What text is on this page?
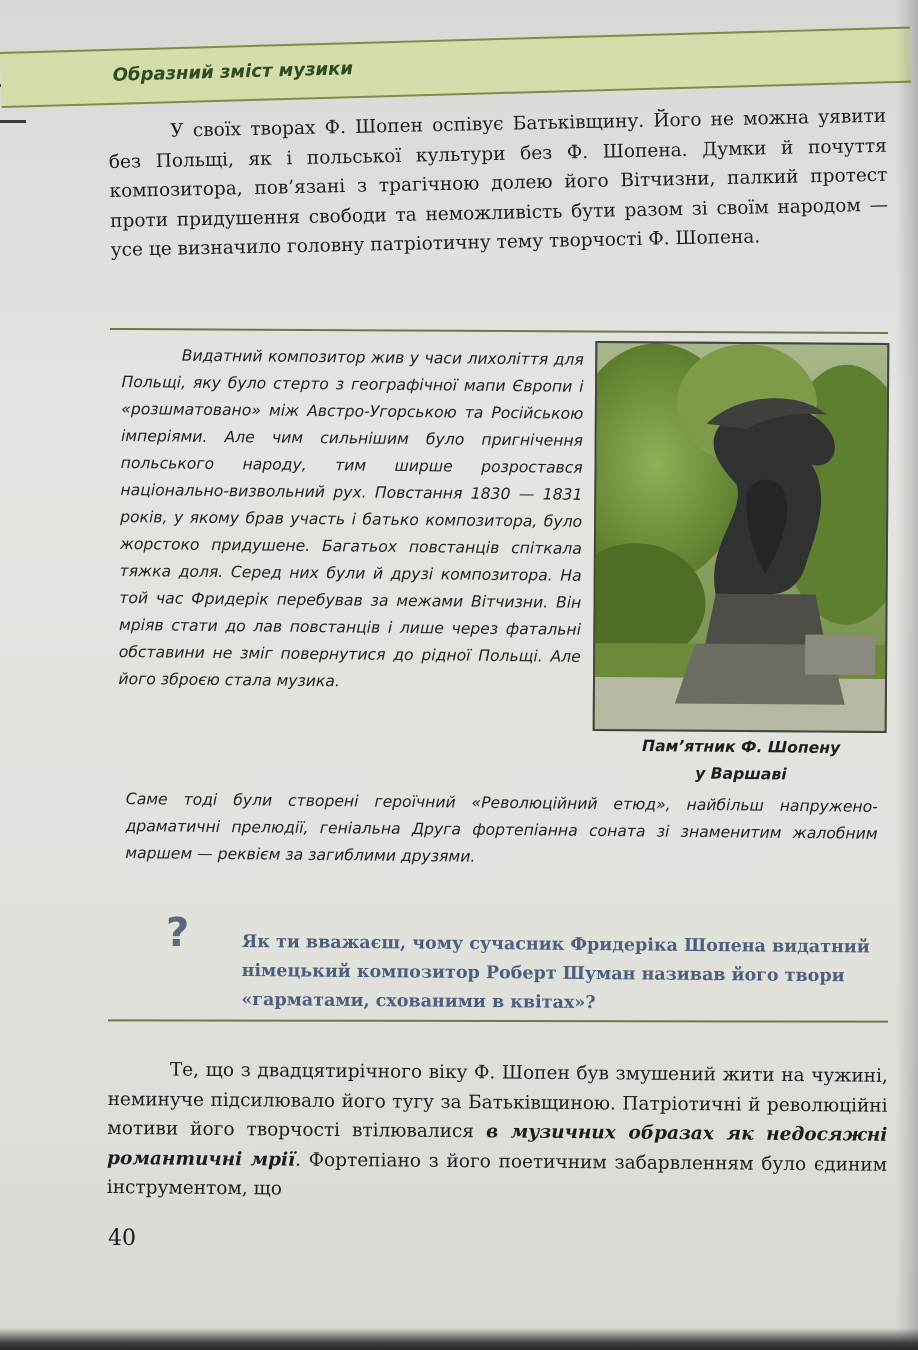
Образний зміст музики
У своїх творах Ф. Шопен оспівує Батьківщину. Його не можна уявити без Польщі, як і польської культури без Ф. Шопена. Думки й почуття композитора, пов’язані з трагічною долею його Вітчизни, палкий протест проти придушення свободи та неможливість бути разом зі своїм народом — усе це визначило головну патріотичну тему творчості Ф. Шопена.
Видатний композитор жив у часи лихоліття для Польщі, яку було стерто з географічної мапи Європи і «розшматовано» між Австро-Угорською та Російською імперіями. Але чим сильнішим було пригнічення польського народу, тим ширше розростався національно-визвольний рух. Повстання 1830 — 1831 років, у якому брав участь і батько композитора, було жорстоко придушене. Багатьох повстанців спіткала тяжка доля. Серед них були й друзі композитора. На той час Фридерік перебував за межами Вітчизни. Він мріяв стати до лав повстанців і лише через фатальні обставини не зміг повернутися до рідної Польщі. Але його зброєю стала музика.
Пам’ятник Ф. Шопену
у Варшаві
Саме тоді були створені героїчний «Революційний етюд», найбільш напружено-драматичні прелюдії, геніальна Друга фортепіанна соната зі знаменитим жалобним маршем — реквієм за загиблими друзями.
?	Як ти вважаєш, чому сучасник Фридеріка Шопена видатний німецький композитор Роберт Шуман називав його твори «гарматами, схованими в квітах»?
Те, що з двадцятирічного віку Ф. Шопен був змушений жити на чужині, неминуче підсилювало його тугу за Батьківщиною. Патріотичні й революційні мотиви його творчості втілювалися в музичних образах як недосяжні романтичні мрії. Фортепіано з його поетичним забарвленням було єдиним інструментом, що
40
